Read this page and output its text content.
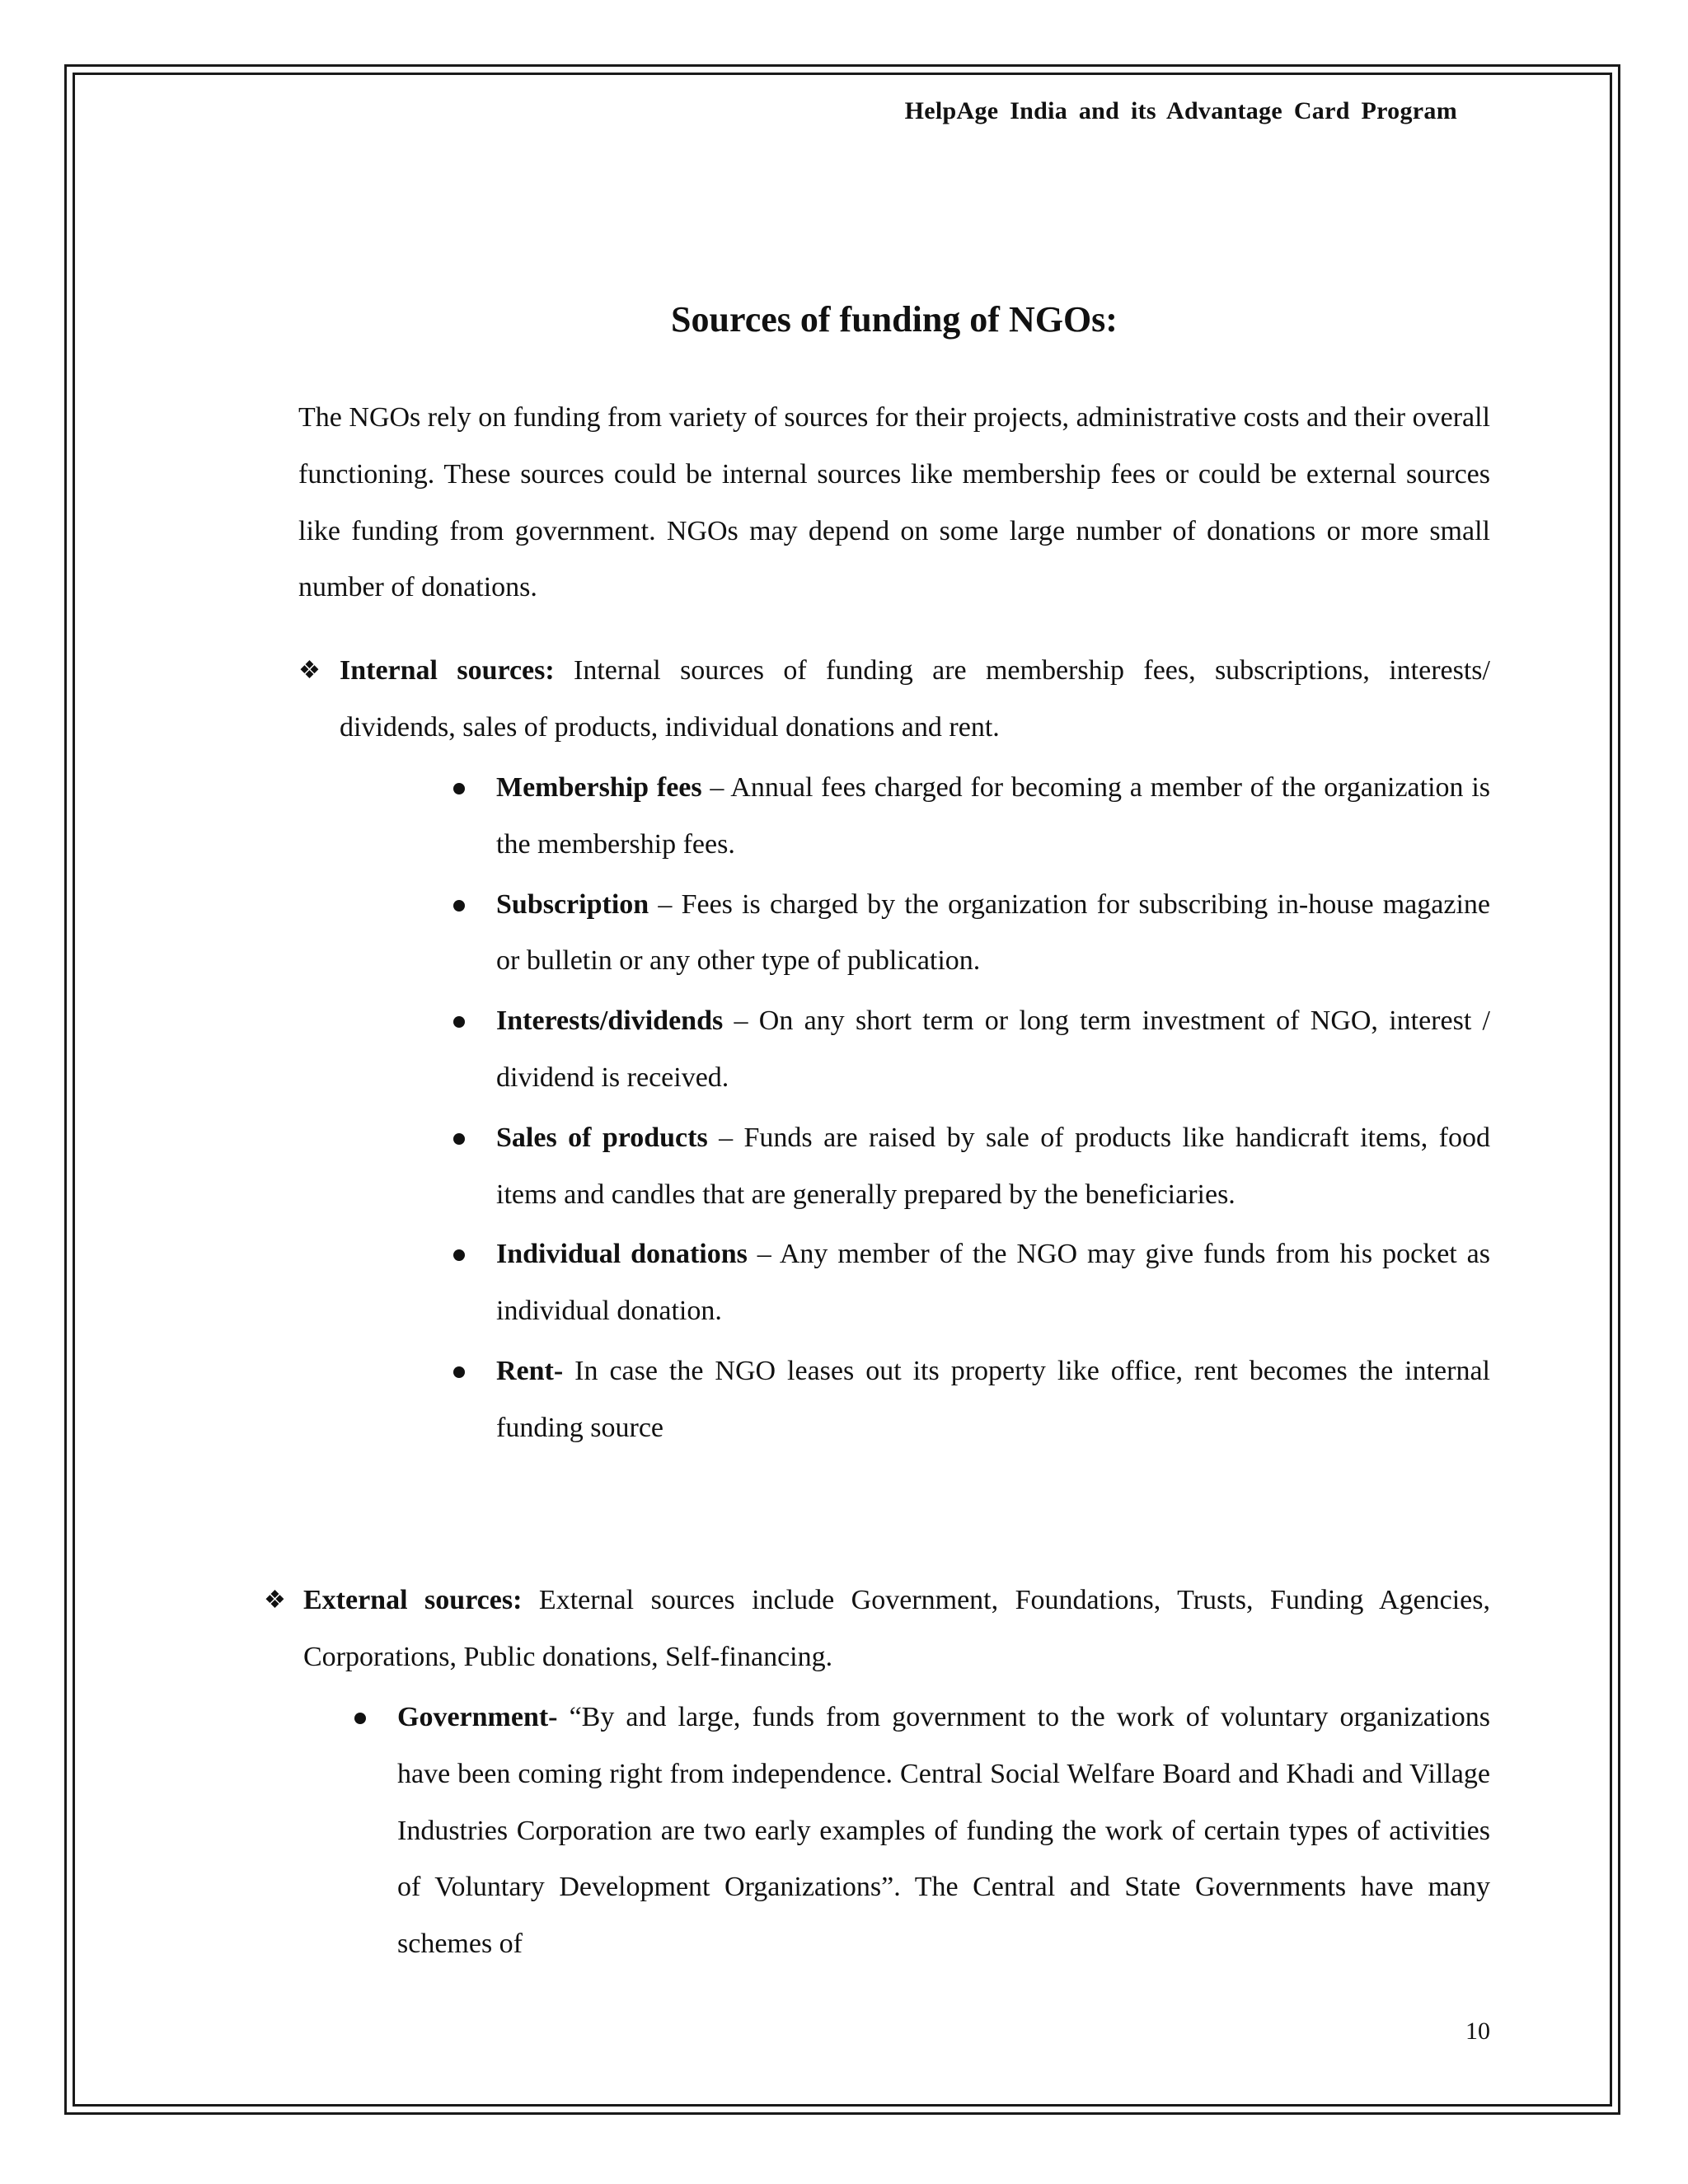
HelpAge India and its Advantage Card Program
Sources of funding of NGOs:

The NGOs rely on funding from variety of sources for their projects, administrative costs and their overall functioning. These sources could be internal sources like membership fees or could be external sources like funding from government. NGOs may depend on some large number of donations or more small number of donations.

❖ Internal sources: Internal sources of funding are membership fees, subscriptions, interests/ dividends, sales of products, individual donations and rent.
Membership fees – Annual fees charged for becoming a member of the organization is the membership fees.
Subscription – Fees is charged by the organization for subscribing in-house magazine or bulletin or any other type of publication.
Interests/dividends – On any short term or long term investment of NGO, interest / dividend is received.
Sales of products – Funds are raised by sale of products like handicraft items, food items and candles that are generally prepared by the beneficiaries.
Individual donations – Any member of the NGO may give funds from his pocket as individual donation.
Rent- In case the NGO leases out its property like office, rent becomes the internal funding source
❖ External sources: External sources include Government, Foundations, Trusts, Funding Agencies, Corporations, Public donations, Self-financing.
Government- “By and large, funds from government to the work of voluntary organizations have been coming right from independence. Central Social Welfare Board and Khadi and Village Industries Corporation are two early examples of funding the work of certain types of activities of Voluntary Development Organizations”. The Central and State Governments have many schemes of
10
